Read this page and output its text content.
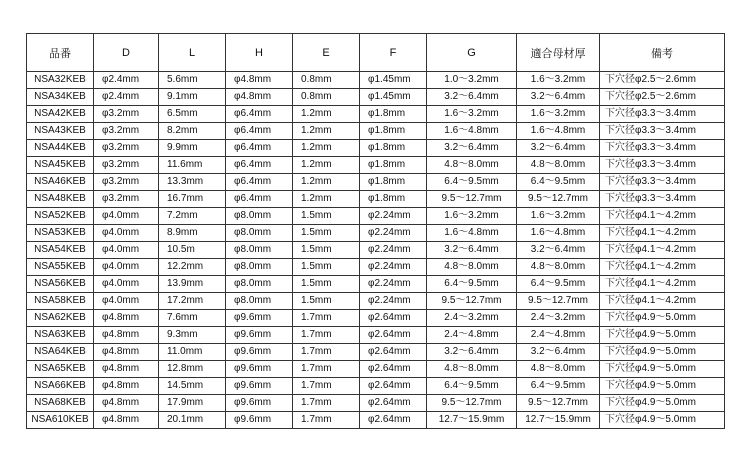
品番	D	L	H	E	F	G	適合母材厚	備考
NSA32KEB	φ2.4mm	5.6mm	φ4.8mm	0.8mm	φ1.45mm	1.0～3.2mm	1.6～3.2mm	下穴径φ2.5～2.6mm
NSA34KEB	φ2.4mm	9.1mm	φ4.8mm	0.8mm	φ1.45mm	3.2～6.4mm	3.2～6.4mm	下穴径φ2.5～2.6mm
NSA42KEB	φ3.2mm	6.5mm	φ6.4mm	1.2mm	φ1.8mm	1.6～3.2mm	1.6～3.2mm	下穴径φ3.3～3.4mm
NSA43KEB	φ3.2mm	8.2mm	φ6.4mm	1.2mm	φ1.8mm	1.6～4.8mm	1.6～4.8mm	下穴径φ3.3～3.4mm
NSA44KEB	φ3.2mm	9.9mm	φ6.4mm	1.2mm	φ1.8mm	3.2～6.4mm	3.2～6.4mm	下穴径φ3.3～3.4mm
NSA45KEB	φ3.2mm	11.6mm	φ6.4mm	1.2mm	φ1.8mm	4.8～8.0mm	4.8～8.0mm	下穴径φ3.3～3.4mm
NSA46KEB	φ3.2mm	13.3mm	φ6.4mm	1.2mm	φ1.8mm	6.4～9.5mm	6.4～9.5mm	下穴径φ3.3～3.4mm
NSA48KEB	φ3.2mm	16.7mm	φ6.4mm	1.2mm	φ1.8mm	9.5～12.7mm	9.5～12.7mm	下穴径φ3.3～3.4mm
NSA52KEB	φ4.0mm	7.2mm	φ8.0mm	1.5mm	φ2.24mm	1.6～3.2mm	1.6～3.2mm	下穴径φ4.1～4.2mm
NSA53KEB	φ4.0mm	8.9mm	φ8.0mm	1.5mm	φ2.24mm	1.6～4.8mm	1.6～4.8mm	下穴径φ4.1～4.2mm
NSA54KEB	φ4.0mm	10.5m	φ8.0mm	1.5mm	φ2.24mm	3.2～6.4mm	3.2～6.4mm	下穴径φ4.1～4.2mm
NSA55KEB	φ4.0mm	12.2mm	φ8.0mm	1.5mm	φ2.24mm	4.8～8.0mm	4.8～8.0mm	下穴径φ4.1～4.2mm
NSA56KEB	φ4.0mm	13.9mm	φ8.0mm	1.5mm	φ2.24mm	6.4～9.5mm	6.4～9.5mm	下穴径φ4.1～4.2mm
NSA58KEB	φ4.0mm	17.2mm	φ8.0mm	1.5mm	φ2.24mm	9.5～12.7mm	9.5～12.7mm	下穴径φ4.1～4.2mm
NSA62KEB	φ4.8mm	7.6mm	φ9.6mm	1.7mm	φ2.64mm	2.4～3.2mm	2.4～3.2mm	下穴径φ4.9～5.0mm
NSA63KEB	φ4.8mm	9.3mm	φ9.6mm	1.7mm	φ2.64mm	2.4～4.8mm	2.4～4.8mm	下穴径φ4.9～5.0mm
NSA64KEB	φ4.8mm	11.0mm	φ9.6mm	1.7mm	φ2.64mm	3.2～6.4mm	3.2～6.4mm	下穴径φ4.9～5.0mm
NSA65KEB	φ4.8mm	12.8mm	φ9.6mm	1.7mm	φ2.64mm	4.8～8.0mm	4.8～8.0mm	下穴径φ4.9～5.0mm
NSA66KEB	φ4.8mm	14.5mm	φ9.6mm	1.7mm	φ2.64mm	6.4～9.5mm	6.4～9.5mm	下穴径φ4.9～5.0mm
NSA68KEB	φ4.8mm	17.9mm	φ9.6mm	1.7mm	φ2.64mm	9.5～12.7mm	9.5～12.7mm	下穴径φ4.9～5.0mm
NSA610KEB	φ4.8mm	20.1mm	φ9.6mm	1.7mm	φ2.64mm	12.7～15.9mm	12.7～15.9mm	下穴径φ4.9～5.0mm
